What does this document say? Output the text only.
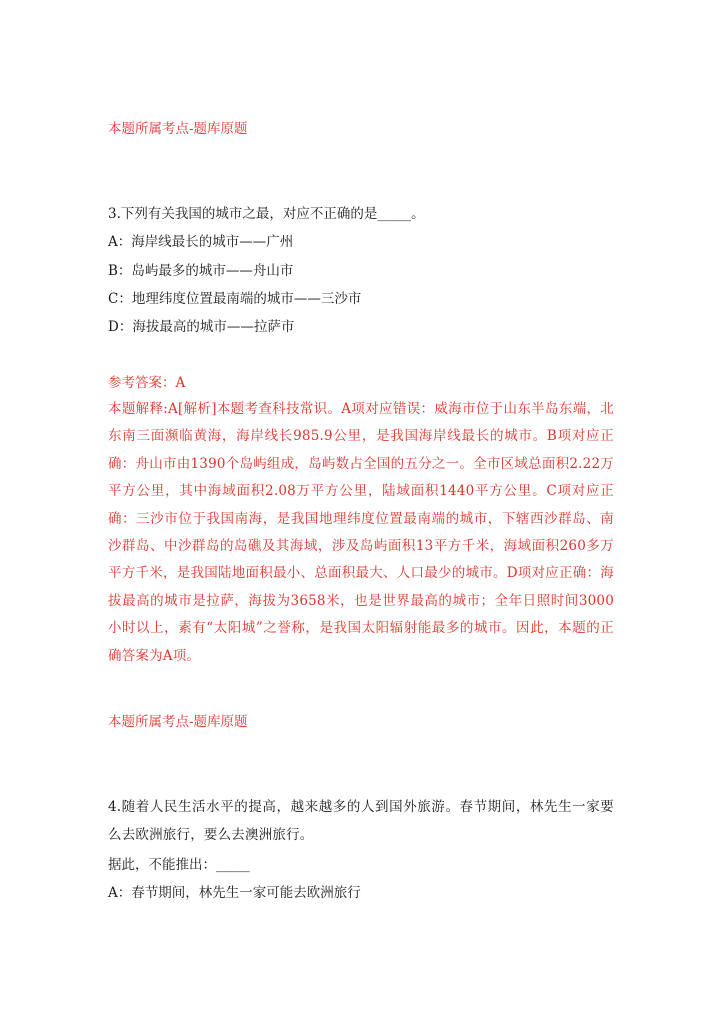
本题所属考点-题库原题
3.下列有关我国的城市之最，对应不正确的是_____。
A：海岸线最长的城市——广州
B：岛屿最多的城市——舟山市
C：地理纬度位置最南端的城市——三沙市
D：海拔最高的城市——拉萨市
参考答案：A
本题解释:A[解析]本题考查科技常识。A项对应错误：威海市位于山东半岛东端，北东南三面濒临黄海，海岸线长985.9公里，是我国海岸线最长的城市。B项对应正确：舟山市由1390个岛屿组成，岛屿数占全国的五分之一。全市区域总面积2.22万平方公里，其中海域面积2.08万平方公里，陆域面积1440平方公里。C项对应正确：三沙市位于我国南海，是我国地理纬度位置最南端的城市，下辖西沙群岛、南沙群岛、中沙群岛的岛礁及其海域，涉及岛屿面积13平方千米，海域面积260多万平方千米，是我国陆地面积最小、总面积最大、人口最少的城市。D项对应正确：海拔最高的城市是拉萨，海拔为3658米，也是世界最高的城市；全年日照时间3000小时以上，素有“太阳城”之誉称，是我国太阳辐射能最多的城市。因此，本题的正确答案为A项。
本题所属考点-题库原题
4.随着人民生活水平的提高，越来越多的人到国外旅游。春节期间，林先生一家要么去欧洲旅行，要么去澳洲旅行。
据此，不能推出：_____
A：春节期间，林先生一家可能去欧洲旅行
